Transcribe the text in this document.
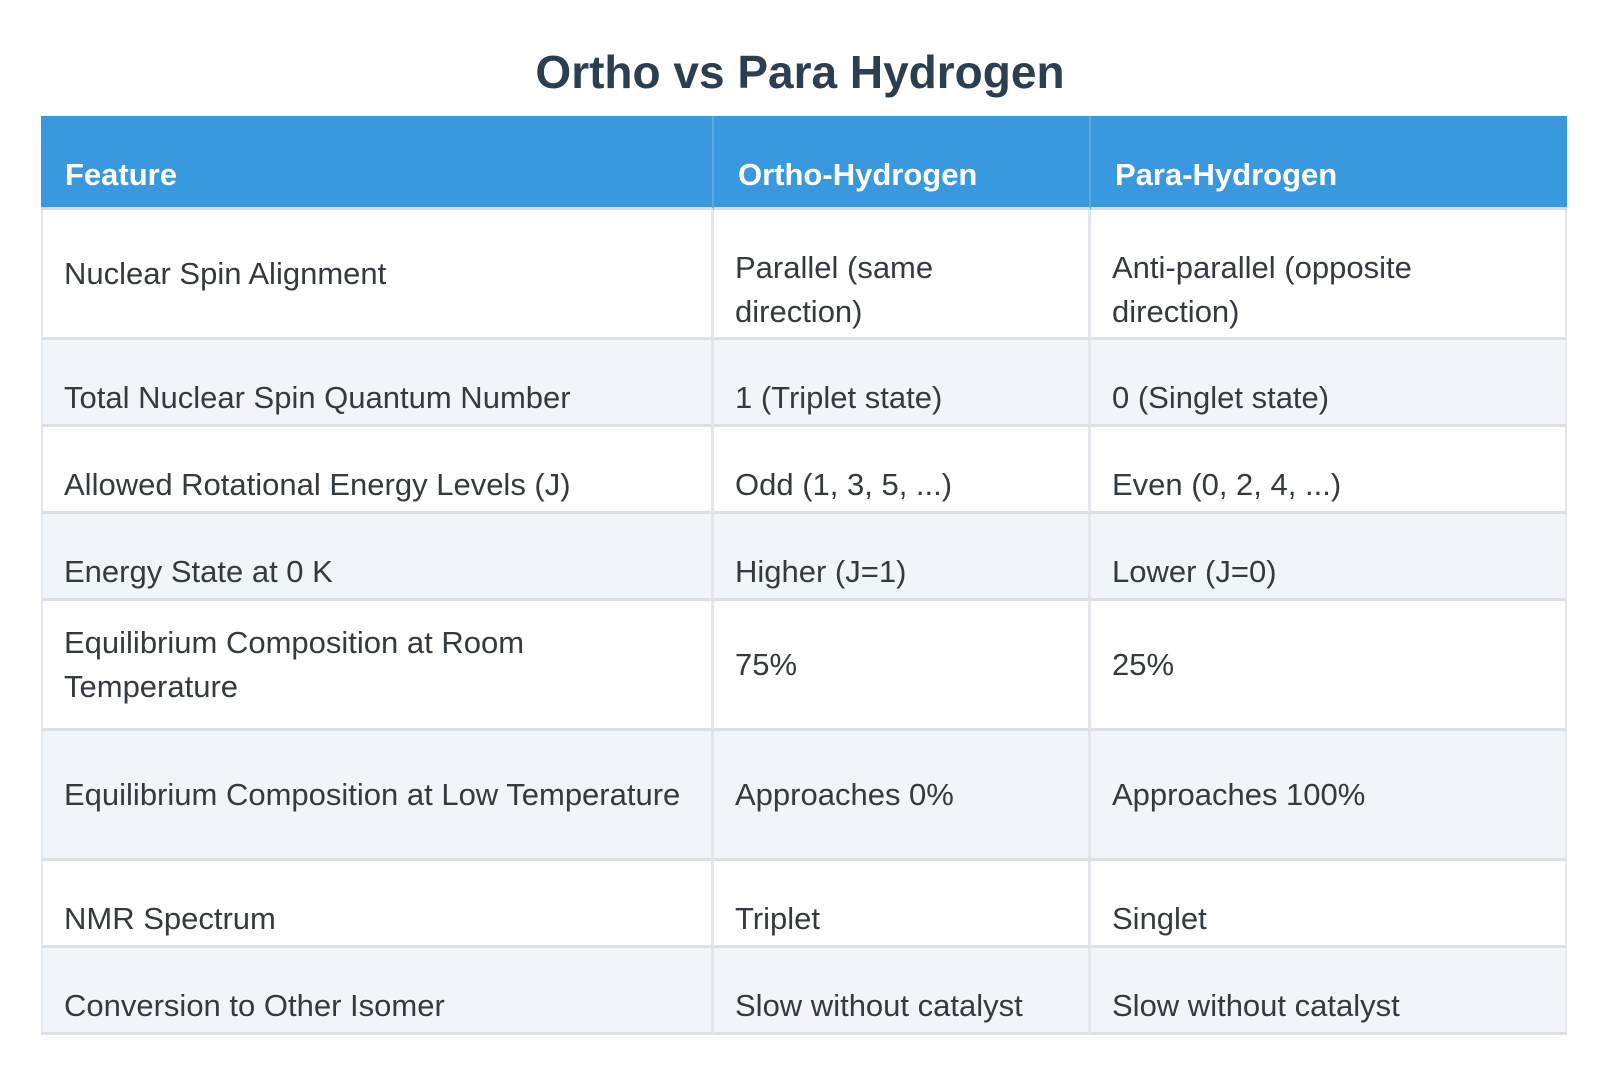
Ortho vs Para Hydrogen
Feature	Ortho-Hydrogen	Para-Hydrogen
Nuclear Spin Alignment	Parallel (same direction)	Anti-parallel (opposite direction)
Total Nuclear Spin Quantum Number	1 (Triplet state)	0 (Singlet state)
Allowed Rotational Energy Levels (J)	Odd (1, 3, 5, ...)	Even (0, 2, 4, ...)
Energy State at 0 K	Higher (J=1)	Lower (J=0)
Equilibrium Composition at Room Temperature	75%	25%
Equilibrium Composition at Low Temperature	Approaches 0%	Approaches 100%
NMR Spectrum	Triplet	Singlet
Conversion to Other Isomer	Slow without catalyst	Slow without catalyst
